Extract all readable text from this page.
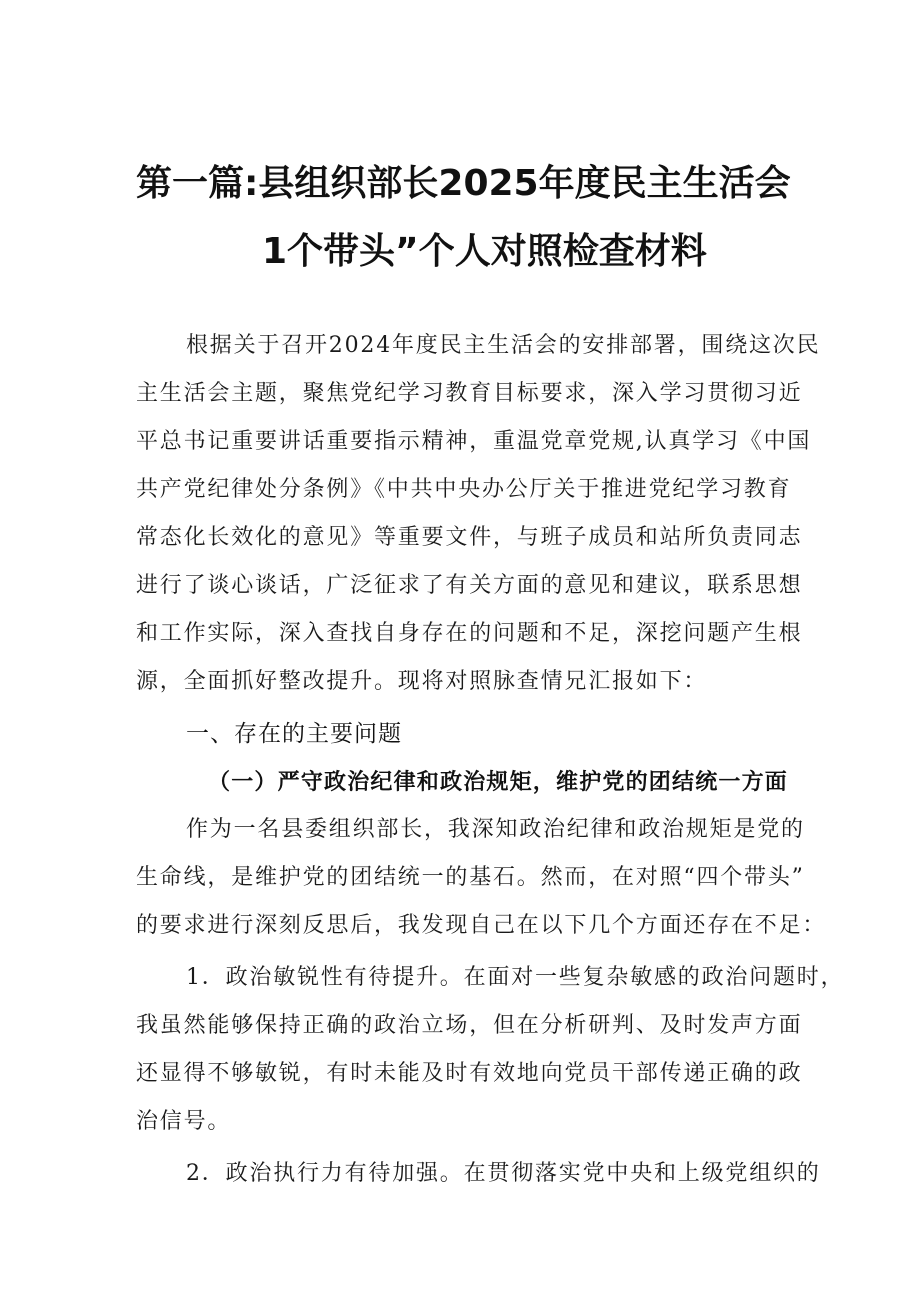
第一篇:县组织部长2025年度民主生活会
1个带头”个人对照检查材料
根据关于召开2024年度民主生活会的安排部署，围绕这次民
主生活会主题，聚焦党纪学习教育目标要求，深入学习贯彻习近
平总书记重要讲话重要指示精神，重温党章党规,认真学习《中国
共产党纪律处分条例》《中共中央办公厅关于推进党纪学习教育
常态化长效化的意见》等重要文件，与班子成员和站所负责同志
进行了谈心谈话，广泛征求了有关方面的意见和建议，联系思想
和工作实际，深入查找自身存在的问题和不足，深挖问题产生根
源，全面抓好整改提升。现将对照脉查情兄汇报如下：
一、存在的主要问题
（一）严守政治纪律和政治规矩，维护党的团结统一方面
作为一名县委组织部长，我深知政治纪律和政治规矩是党的
生命线，是维护党的团结统一的基石。然而，在对照“四个带头”
的要求进行深刻反思后，我发现自己在以下几个方面还存在不足：
1．政治敏锐性有待提升。在面对一些复杂敏感的政治问题时，
我虽然能够保持正确的政治立场，但在分析研判、及时发声方面
还显得不够敏锐，有时未能及时有效地向党员干部传递正确的政
治信号。
2．政治执行力有待加强。在贯彻落实党中央和上级党组织的
